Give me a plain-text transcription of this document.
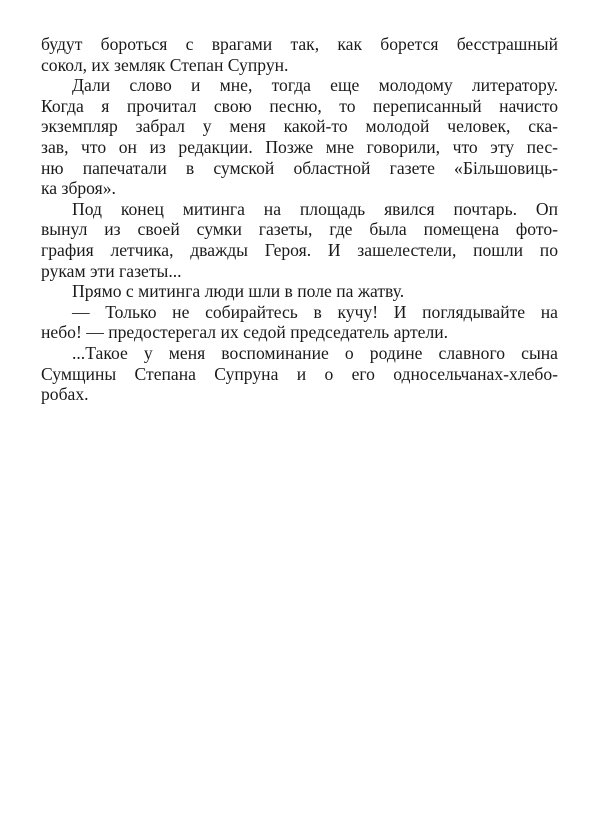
будут бороться с врагами так, как борется бесстрашный
сокол, их земляк Степан Супрун.
Дали слово и мне, тогда еще молодому литератору.
Когда я прочитал свою песню, то переписанный начисто
экземпляр забрал у меня какой-то молодой человек, ска-
зав, что он из редакции. Позже мне говорили, что эту пес-
ню папечатали в сумской областной газете «Більшовиць-
ка зброя».
Под конец митинга на площадь явился почтарь. Оп
вынул из своей сумки газеты, где была помещена фото-
графия летчика, дважды Героя. И зашелестели, пошли по
рукам эти газеты...
Прямо с митинга люди шли в поле па жатву.
— Только не собирайтесь в кучу! И поглядывайте на
небо! — предостерегал их седой председатель артели.
...Такое у меня воспоминание о родине славного сына
Сумщины Степана Супруна и о его односельчанах-хлебо-
робах.
